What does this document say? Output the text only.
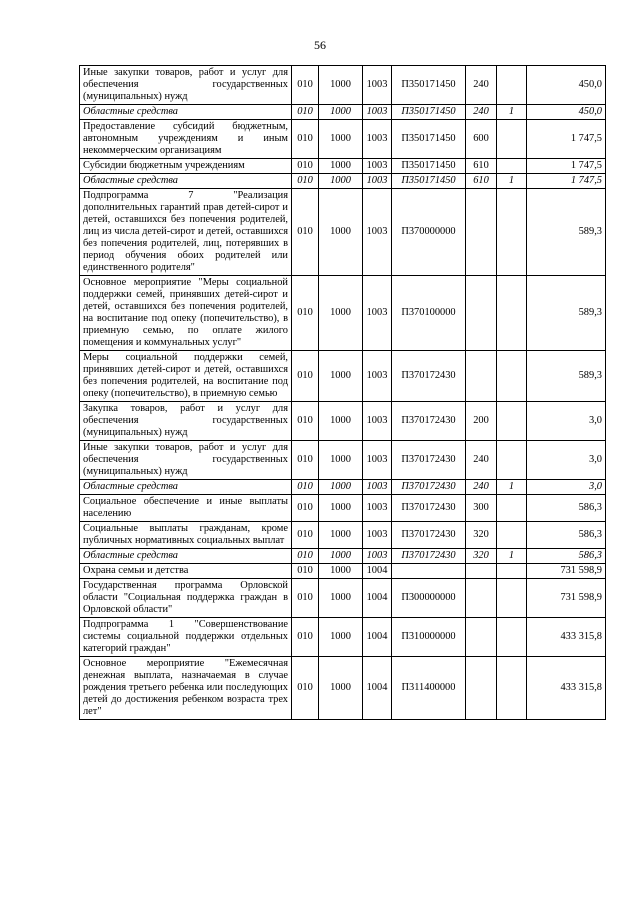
56
Иные закупки товаров, работ и услуг для обеспечения государственных (муниципальных) нужд	010	1000	1003	П350171450	240		450,0
Областные средства	010	1000	1003	П350171450	240	1	450,0
Предоставление субсидий бюджетным, автономным учреждениям и иным некоммерческим организациям	010	1000	1003	П350171450	600		1 747,5
Субсидии бюджетным учреждениям	010	1000	1003	П350171450	610		1 747,5
Областные средства	010	1000	1003	П350171450	610	1	1 747,5
Подпрограмма 7 "Реализация дополнительных гарантий прав детей-сирот и детей, оставшихся без попечения родителей, лиц из числа детей-сирот и детей, оставшихся без попечения родителей, лиц, потерявших в период обучения обоих родителей или единственного родителя"	010	1000	1003	П370000000			589,3
Основное мероприятие "Меры социальной поддержки семей, принявших детей-сирот и детей, оставшихся без попечения родителей, на воспитание под опеку (попечительство), в приемную семью, по оплате жилого помещения и коммунальных услуг"	010	1000	1003	П370100000			589,3
Меры социальной поддержки семей, принявших детей-сирот и детей, оставшихся без попечения родителей, на воспитание под опеку (попечительство), в приемную семью	010	1000	1003	П370172430			589,3
Закупка товаров, работ и услуг для обеспечения государственных (муниципальных) нужд	010	1000	1003	П370172430	200		3,0
Иные закупки товаров, работ и услуг для обеспечения государственных (муниципальных) нужд	010	1000	1003	П370172430	240		3,0
Областные средства	010	1000	1003	П370172430	240	1	3,0
Социальное обеспечение и иные выплаты населению	010	1000	1003	П370172430	300		586,3
Социальные выплаты гражданам, кроме публичных нормативных социальных выплат	010	1000	1003	П370172430	320		586,3
Областные средства	010	1000	1003	П370172430	320	1	586,3
Охрана семьи и детства	010	1000	1004				731 598,9
Государственная программа Орловской области "Социальная поддержка граждан в Орловской области"	010	1000	1004	П300000000			731 598,9
Подпрограмма 1 "Совершенствование системы социальной поддержки отдельных категорий граждан"	010	1000	1004	П310000000			433 315,8
Основное мероприятие "Ежемесячная денежная выплата, назначаемая в случае рождения третьего ребенка или последующих детей до достижения ребенком возраста трех лет"	010	1000	1004	П311400000			433 315,8
